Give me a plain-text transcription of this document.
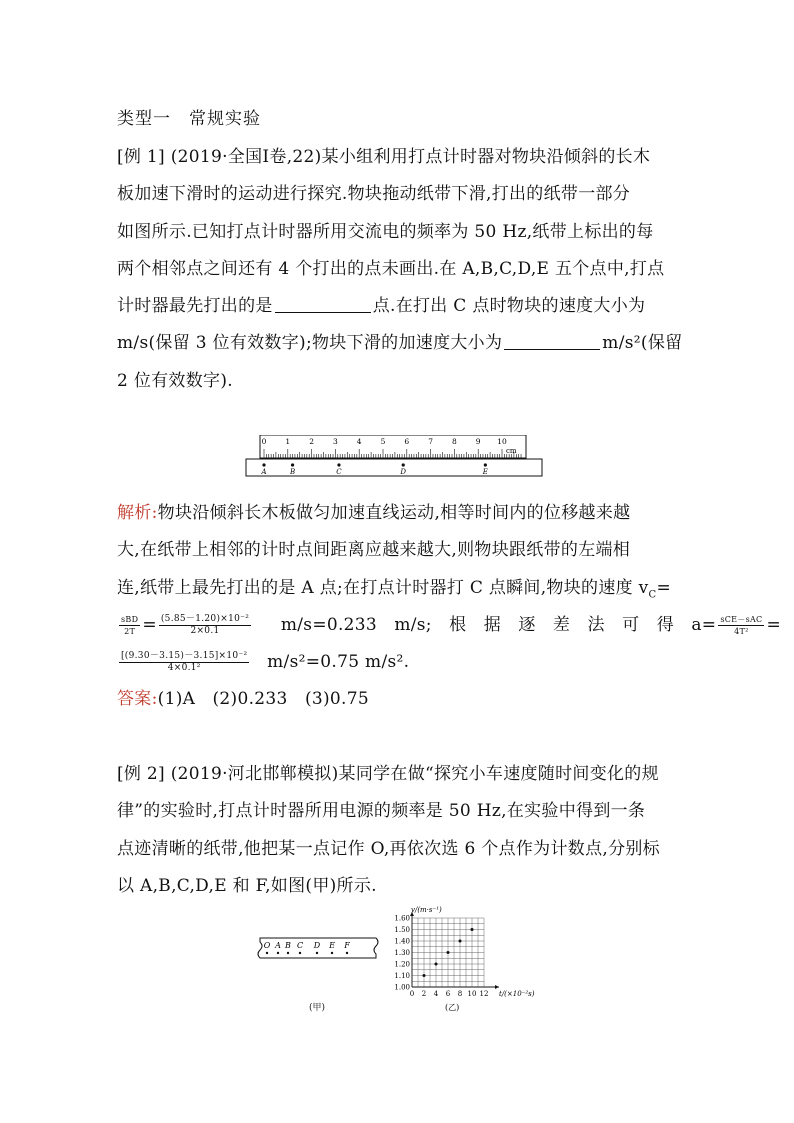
类型一　常规实验
[例 1] (2019·全国Ⅰ卷,22)某小组利用打点计时器对物块沿倾斜的长木
板加速下滑时的运动进行探究.物块拖动纸带下滑,打出的纸带一部分
如图所示.已知打点计时器所用交流电的频率为 50 Hz,纸带上标出的每
两个相邻点之间还有 4 个打出的点未画出.在 A,B,C,D,E 五个点中,打点
计时器最先打出的是	点.在打出 C 点时物块的速度大小为
m/s(保留 3 位有效数字);物块下滑的加速度大小为	m/s²(保留
2 位有效数字).
0	1	2	3	4	5	6	7	8	9 10
cm
A	B	C	D	E
解析:物块沿倾斜长木板做匀加速直线运动,相等时间内的位移越来越
大,在纸带上相邻的计时点间距离应越来越大,则物块跟纸带的左端相
连,纸带上最先打出的是 A 点;在打点计时器打 C 点瞬间,物块的速度 $v_C=$
$\frac{\text{sBD}}{2T} = \frac{\text{(5.85－1.20)×10⁻²}}{2\times 0.1} m/s=0.233$　m/s;　根　据　逐　差　法　可　得　$a= \frac{\text{sCE－sAC}}{\text{4T²}}$ =
$\frac{\text{[(9.30－3.15)－3.15]×10⁻²}}{\text{4×0.1²}} m/s^2=0.75$ m/s².
答案:(1)A　(2)0.233　(3)0.75
[例 2] (2019·河北邯郸模拟)某同学在做“探究小车速度随时间变化的规
律”的实验时,打点计时器所用电源的频率是 50 Hz,在实验中得到一条
点迹清晰的纸带,他把某一点记作 O,再依次选 6 个点作为计数点,分别标
以 A,B,C,D,E 和 F,如图(甲)所示.
O A B C D E F
(甲)
1.00
1.10
1.20
1.30
1.40
1.50
1.60
0 2 4 6 8 10 12
v/(m·s⁻¹)
t/(×10⁻²s)
(乙)
